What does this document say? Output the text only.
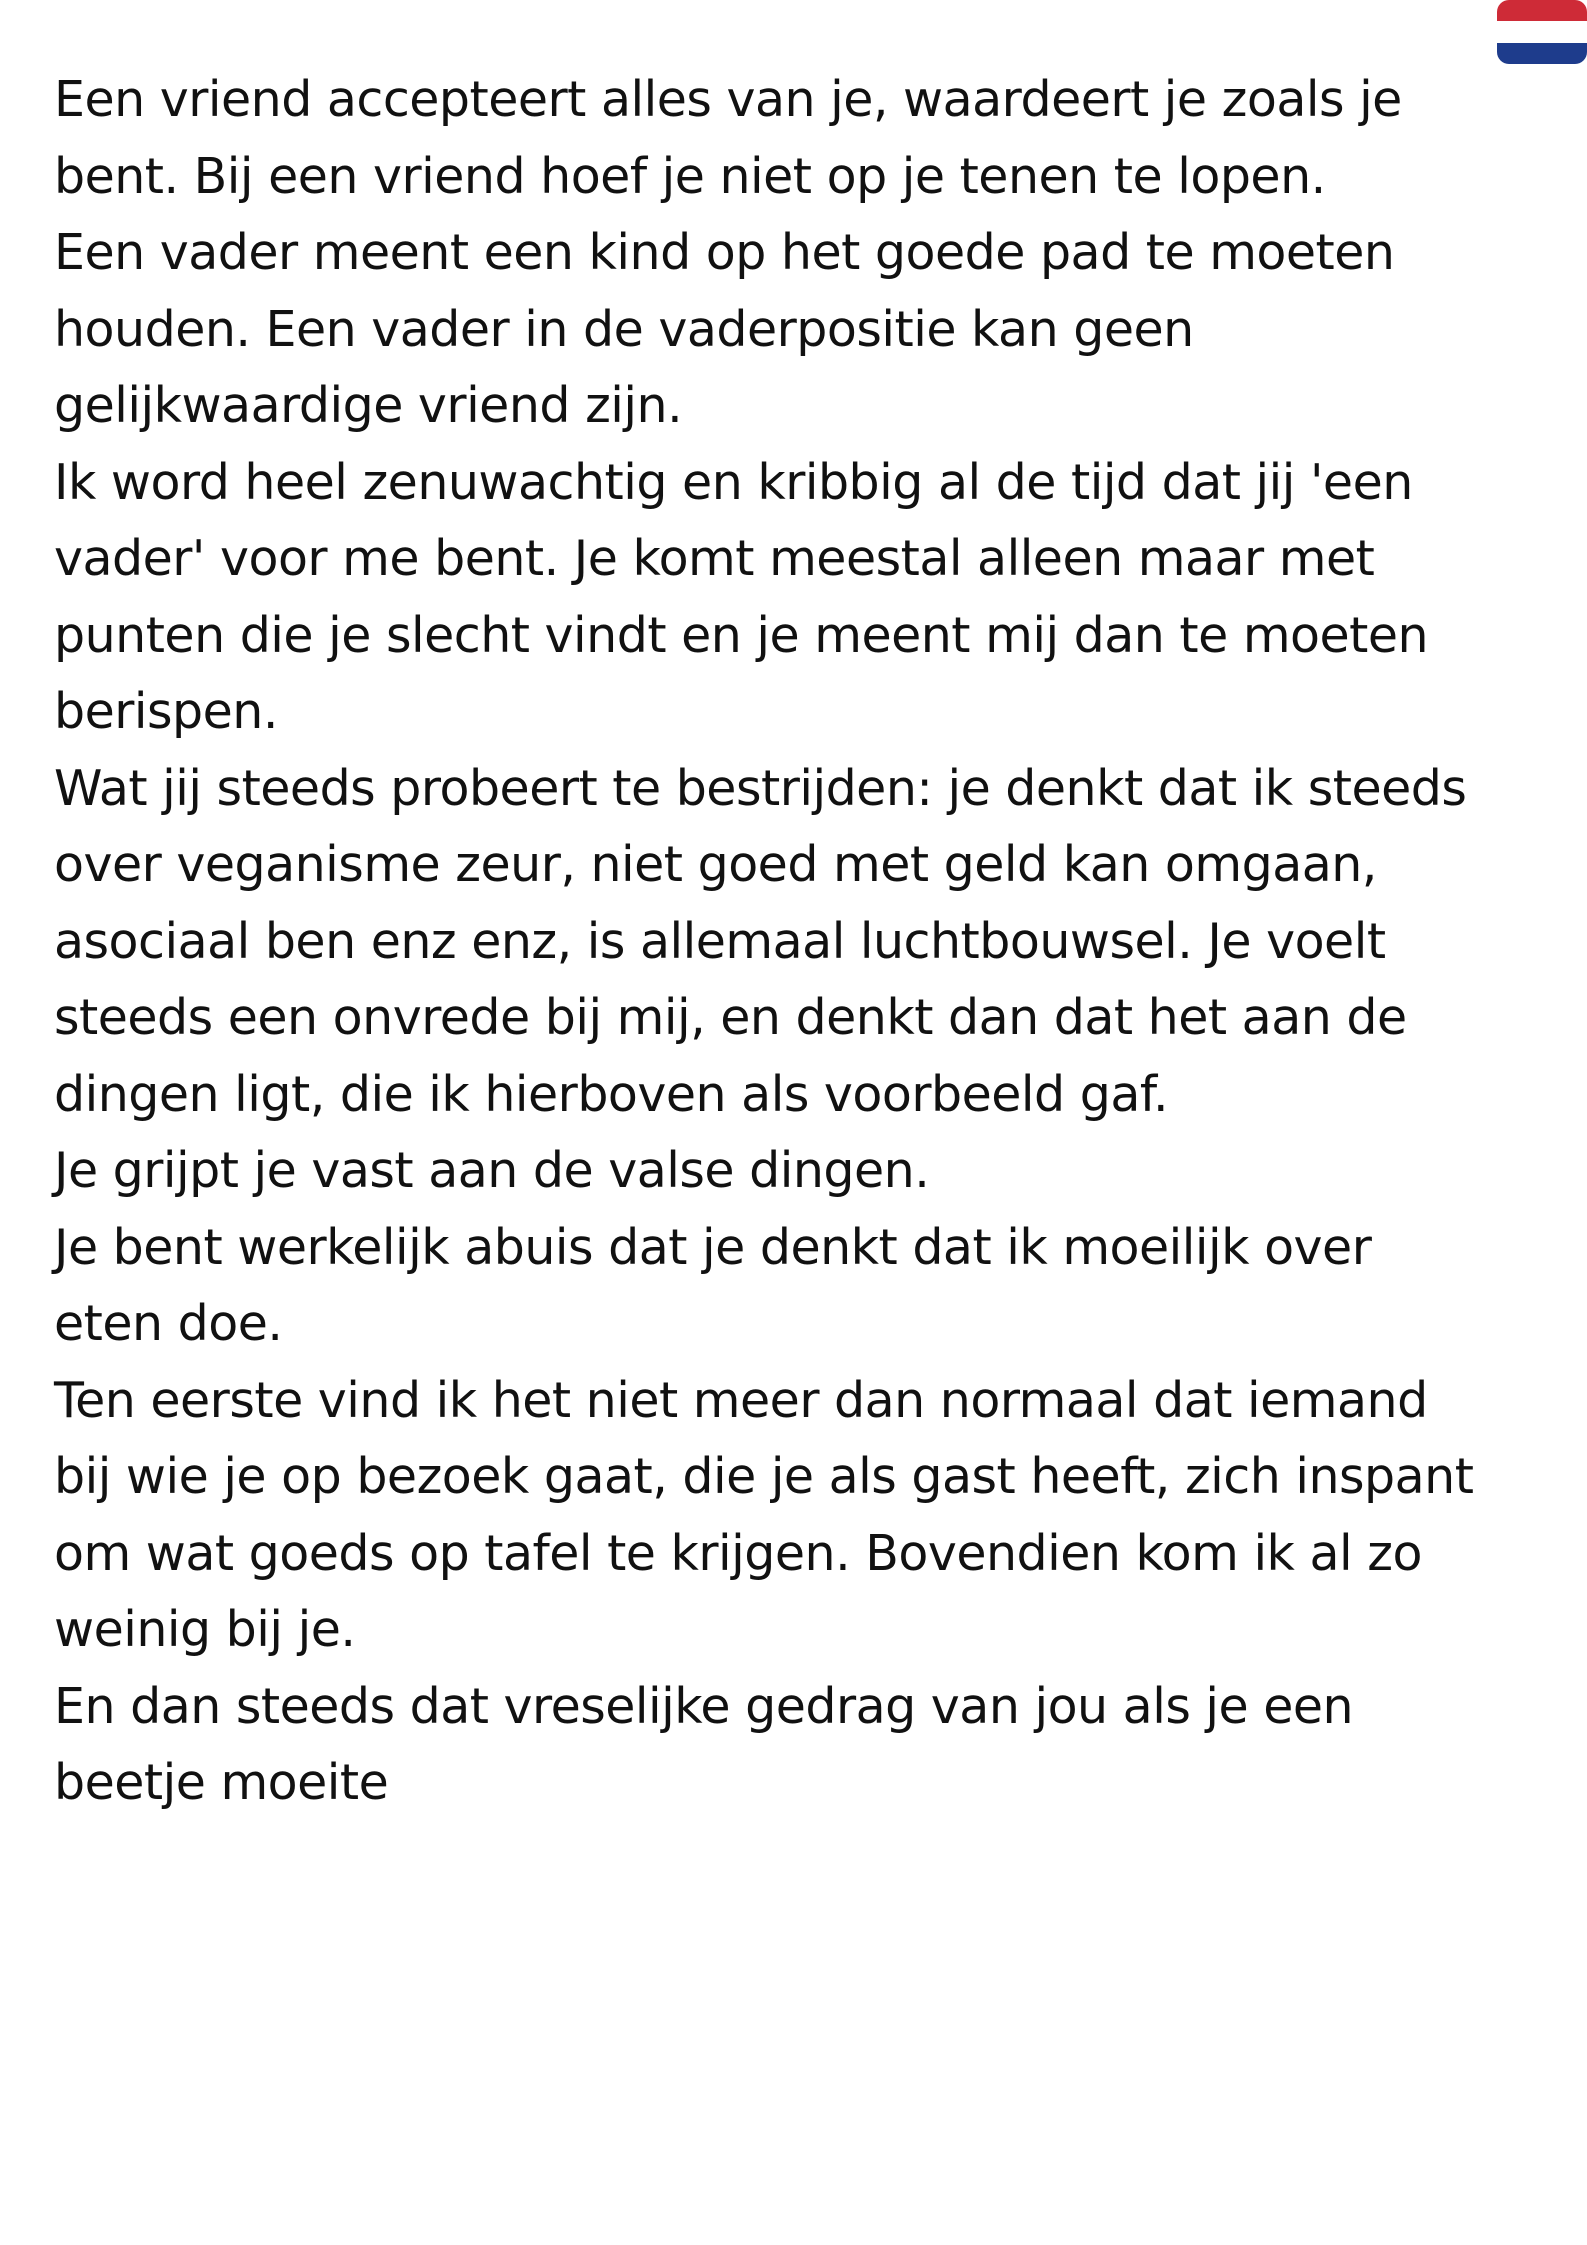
Een vriend accepteert alles van je, waardeert je zoals je
bent. Bij een vriend hoef je niet op je tenen te lopen.
Een vader meent een kind op het goede pad te moeten
houden. Een vader in de vaderpositie kan geen
gelijkwaardige vriend zijn.
Ik word heel zenuwachtig en kribbig al de tijd dat jij 'een
vader' voor me bent. Je komt meestal alleen maar met
punten die je slecht vindt en je meent mij dan te moeten
berispen.
Wat jij steeds probeert te bestrijden: je denkt dat ik steeds
over veganisme zeur, niet goed met geld kan omgaan,
asociaal ben enz enz, is allemaal luchtbouwsel. Je voelt
steeds een onvrede bij mij, en denkt dan dat het aan de
dingen ligt, die ik hierboven als voorbeeld gaf.
Je grijpt je vast aan de valse dingen.
Je bent werkelijk abuis dat je denkt dat ik moeilijk over
eten doe.
Ten eerste vind ik het niet meer dan normaal dat iemand
bij wie je op bezoek gaat, die je als gast heeft, zich inspant
om wat goeds op tafel te krijgen. Bovendien kom ik al zo
weinig bij je.
En dan steeds dat vreselijke gedrag van jou als je een
beetje moeite
